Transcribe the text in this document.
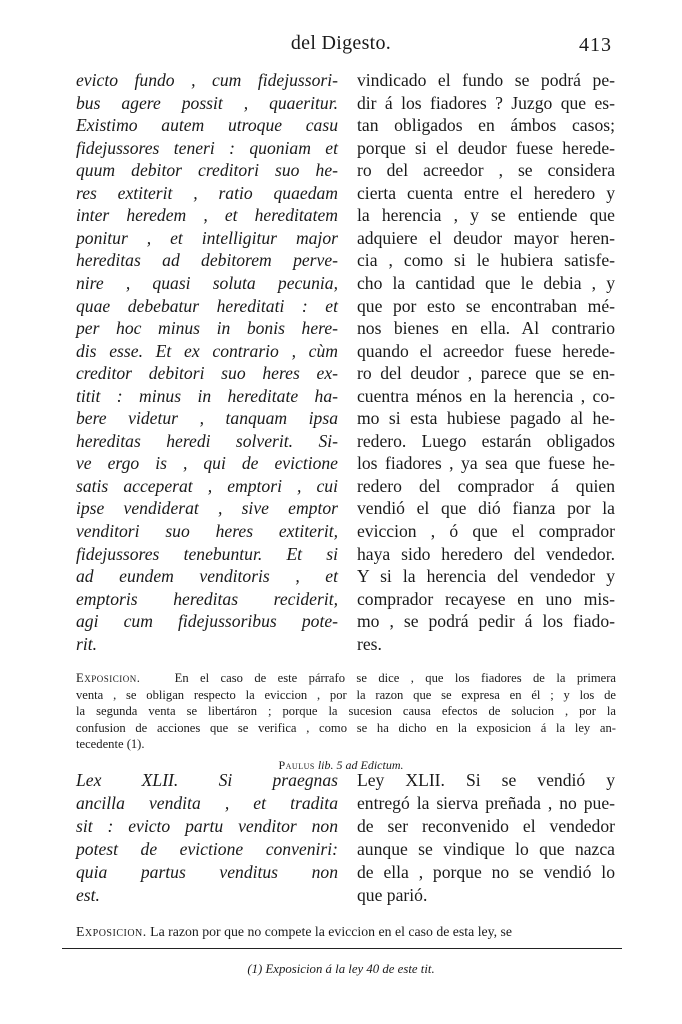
del Digesto.	413
evicto fundo , cum fidejussori-
bus agere possit , quaeritur.
Existimo autem utroque casu
fidejussores teneri : quoniam et
quum debitor creditori suo he-
res extiterit , ratio quaedam
inter heredem , et hereditatem
ponitur , et intelligitur major
hereditas ad debitorem perve-
nire , quasi soluta pecunia,
quae debebatur hereditati : et
per hoc minus in bonis here-
dis esse. Et ex contrario , cùm
creditor debitori suo heres ex-
titit : minus in hereditate ha-
bere videtur , tanquam ipsa
hereditas heredi solverit. Si-
ve ergo is , qui de evictione
satis acceperat , emptori , cui
ipse vendiderat , sive emptor
venditori suo heres extiterit,
fidejussores tenebuntur. Et si
ad eundem venditoris , et
emptoris hereditas reciderit,
agi cum fidejussoribus pote-
rit.
vindicado el fundo se podrá pe-
dir á los fiadores ? Juzgo que es-
tan obligados en ámbos casos;
porque si el deudor fuese herede-
ro del acreedor , se considera
cierta cuenta entre el heredero y
la herencia , y se entiende que
adquiere el deudor mayor heren-
cia , como si le hubiera satisfe-
cho la cantidad que le debia , y
que por esto se encontraban mé-
nos bienes en ella. Al contrario
quando el acreedor fuese herede-
ro del deudor , parece que se en-
cuentra ménos en la herencia , co-
mo si esta hubiese pagado al he-
redero. Luego estarán obligados
los fiadores , ya sea que fuese he-
redero del comprador á quien
vendió el que dió fianza por la
eviccion , ó que el comprador
haya sido heredero del vendedor.
Y si la herencia del vendedor y
comprador recayese en uno mis-
mo , se podrá pedir á los fiado-
res.
Exposicion.	En el caso de este párrafo se dice , que los fiadores de la primera
venta , se obligan respecto la eviccion , por la razon que se expresa en él ; y los de
la segunda venta se libertáron ; porque la sucesion causa efectos de solucion , por la
confusion de acciones que se verifica , como se ha dicho en la exposicion á la ley an-
tecedente (1).
Paulus lib. 5 ad Edictum.
Lex XLII. Si praegnas
ancilla vendita , et tradita
sit : evicto partu venditor non
potest de evictione conveniri:
quia partus venditus non
est.
Ley XLII. Si se vendió y
entregó la sierva preñada , no pue-
de ser reconvenido el vendedor
aunque se vindique lo que nazca
de ella , porque no se vendió lo
que parió.
Exposicion. La razon por que no compete la eviccion en el caso de esta ley, se
(1) Exposicion á la ley 40 de este tit.
